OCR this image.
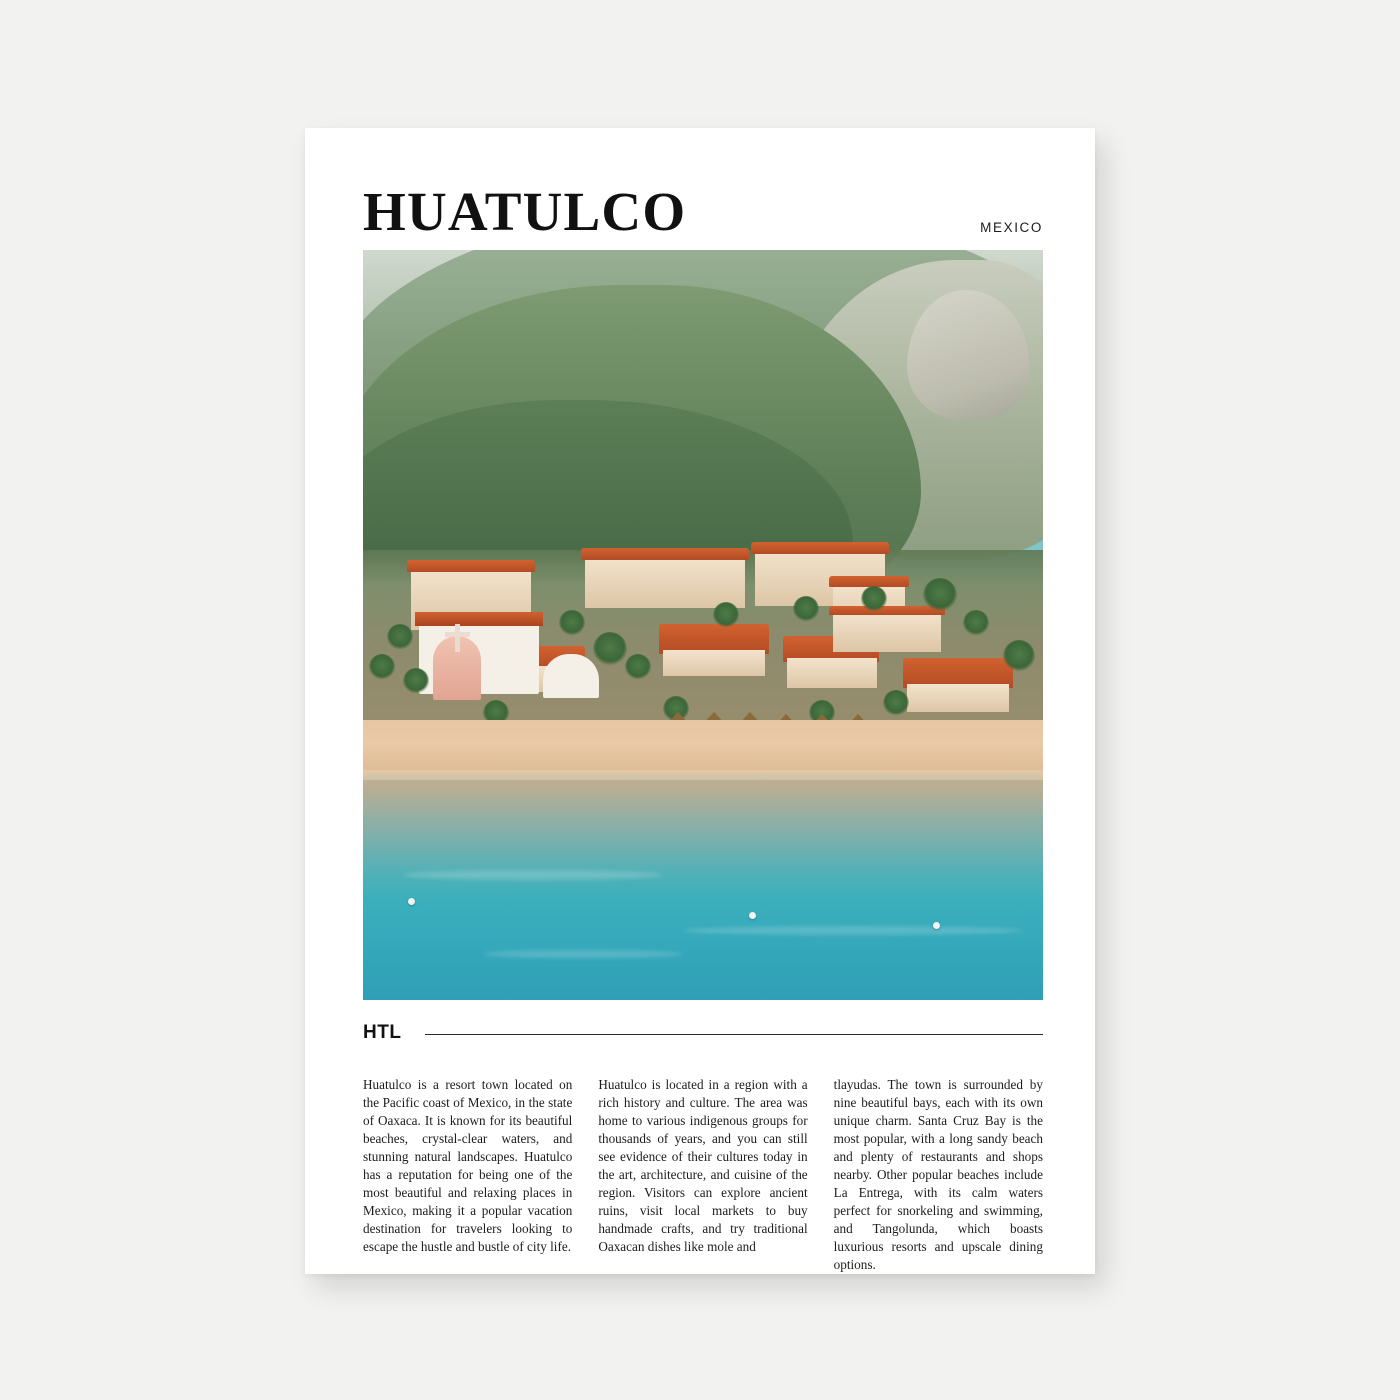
HUATULCO	MEXICO
HTL
Huatulco is a resort town located on the Pacific coast of Mexico, in the state of Oaxaca. It is known for its beautiful beaches, crystal-clear waters, and stunning natural landscapes. Huatulco has a reputation for being one of the most beautiful and relaxing places in Mexico, making it a popular vacation destination for travelers looking to escape the hustle and bustle of city life.
Huatulco is located in a region with a rich history and culture. The area was home to various indigenous groups for thousands of years, and you can still see evidence of their cultures today in the art, architecture, and cuisine of the region. Visitors can explore ancient ruins, visit local markets to buy handmade crafts, and try traditional Oaxacan dishes like mole and
tlayudas. The town is surrounded by nine beautiful bays, each with its own unique charm. Santa Cruz Bay is the most popular, with a long sandy beach and plenty of restaurants and shops nearby. Other popular beaches include La Entrega, with its calm waters perfect for snorkeling and swimming, and Tangolunda, which boasts luxurious resorts and upscale dining options.
